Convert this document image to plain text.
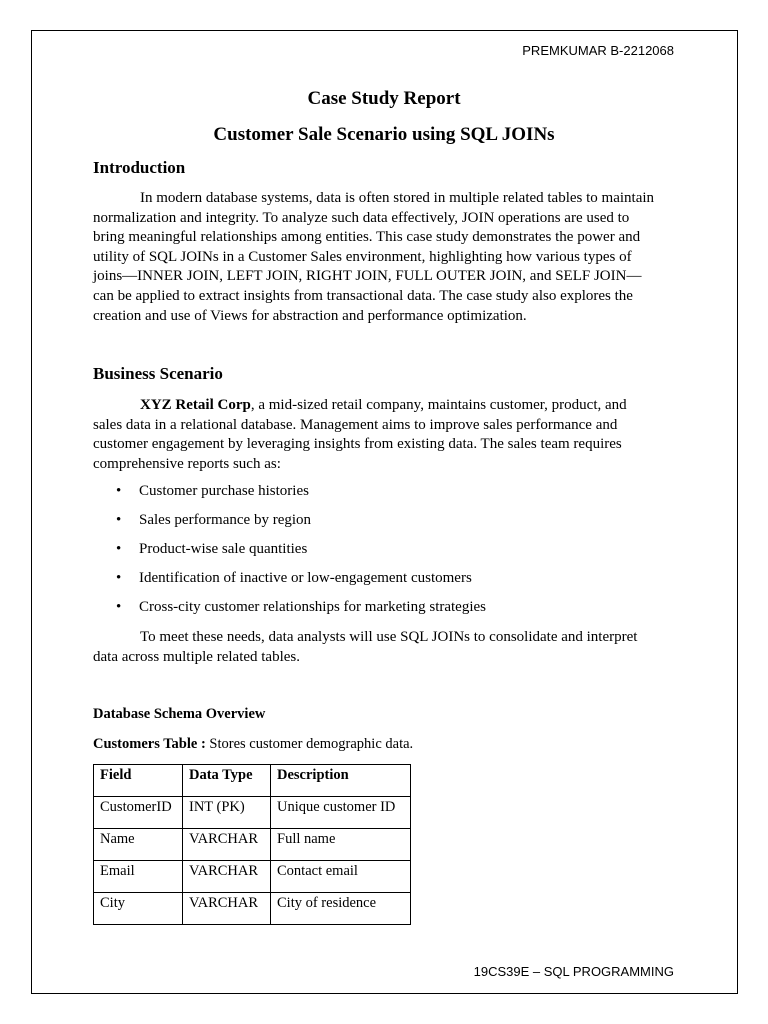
PREMKUMAR B-2212068
Case Study Report
Customer Sale Scenario using SQL JOINs
Introduction
In modern database systems, data is often stored in multiple related tables to maintain
normalization and integrity. To analyze such data effectively, JOIN operations are used to
bring meaningful relationships among entities. This case study demonstrates the power and
utility of SQL JOINs in a Customer Sales environment, highlighting how various types of
joins—INNER JOIN, LEFT JOIN, RIGHT JOIN, FULL OUTER JOIN, and SELF JOIN—
can be applied to extract insights from transactional data. The case study also explores the
creation and use of Views for abstraction and performance optimization.
Business Scenario
XYZ Retail Corp, a mid-sized retail company, maintains customer, product, and
sales data in a relational database. Management aims to improve sales performance and
customer engagement by leveraging insights from existing data. The sales team requires
comprehensive reports such as:
• Customer purchase histories
• Sales performance by region
• Product-wise sale quantities
• Identification of inactive or low-engagement customers
• Cross-city customer relationships for marketing strategies
To meet these needs, data analysts will use SQL JOINs to consolidate and interpret
data across multiple related tables.
Database Schema Overview
Customers Table : Stores customer demographic data.
Field	Data Type	Description
CustomerID	INT (PK)	Unique customer ID
Name	VARCHAR	Full name
Email	VARCHAR	Contact email
City	VARCHAR	City of residence
19CS39E – SQL PROGRAMMING
